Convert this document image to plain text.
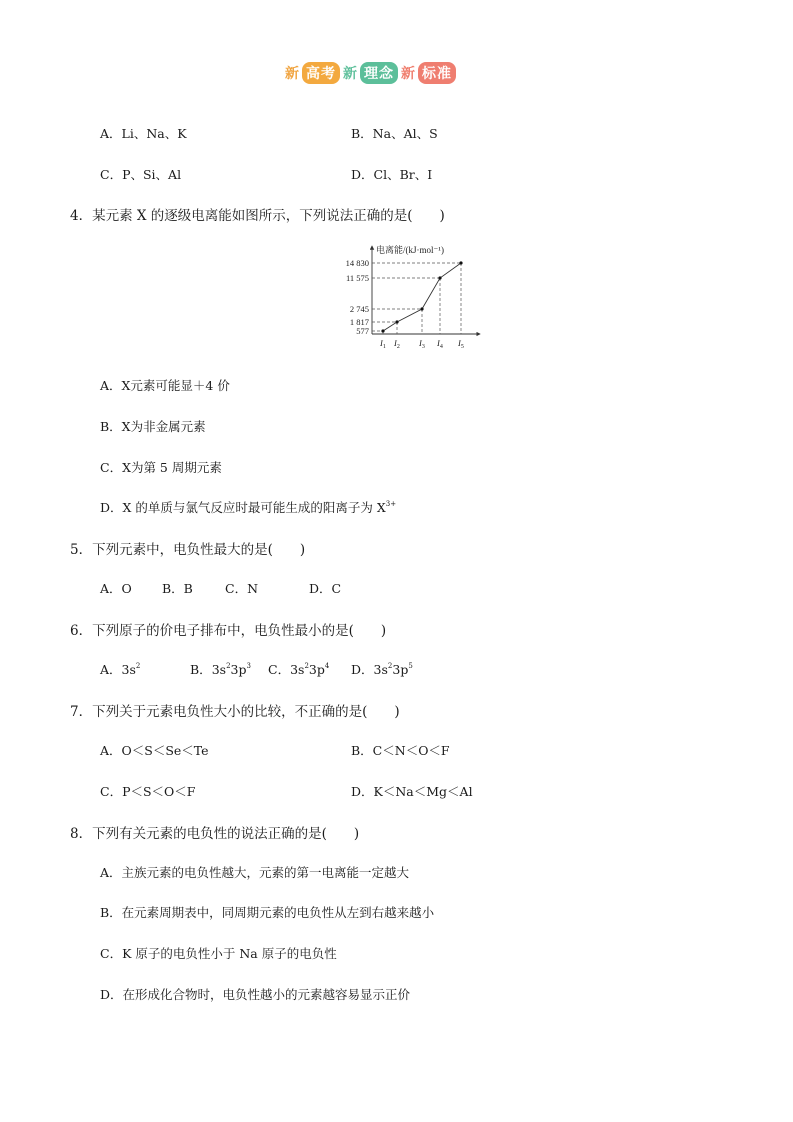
新 高考 新 理念 新 标准
A．Li、Na、K	B．Na、Al、S
C．P、Si、Al	D．Cl、Br、I
4．某元素 X 的逐级电离能如图所示，下列说法正确的是(　　)
电离能/(kJ·mol⁻¹)
577
1 817
2 745
11 575
14 830
$I_1$ $I_2$ $I_3$ $I_4$ $I_5$
A．X元素可能显＋4 价
B．X为非金属元素
C．X为第 5 周期元素
D．X 的单质与氯气反应时最可能生成的阳离子为 $X^{3+}$
5．下列元素中，电负性最大的是(　　)
A．O B．B	C．N	D．C
6．下列原子的价电子排布中，电负性最小的是(　　)
A．$3s^2$	B．$3s^23p^3$ C．$3s^23p^4$ D．$3s^23p^5$
7．下列关于元素电负性大小的比较，不正确的是(　　)
A．O＜S＜Se＜Te	B．C＜N＜O＜F
C．P＜S＜O＜F	D．K＜Na＜Mg＜Al
8．下列有关元素的电负性的说法正确的是(　　)
A．主族元素的电负性越大，元素的第一电离能一定越大
B．在元素周期表中，同周期元素的电负性从左到右越来越小
C．K 原子的电负性小于 Na 原子的电负性
D．在形成化合物时，电负性越小的元素越容易显示正价
